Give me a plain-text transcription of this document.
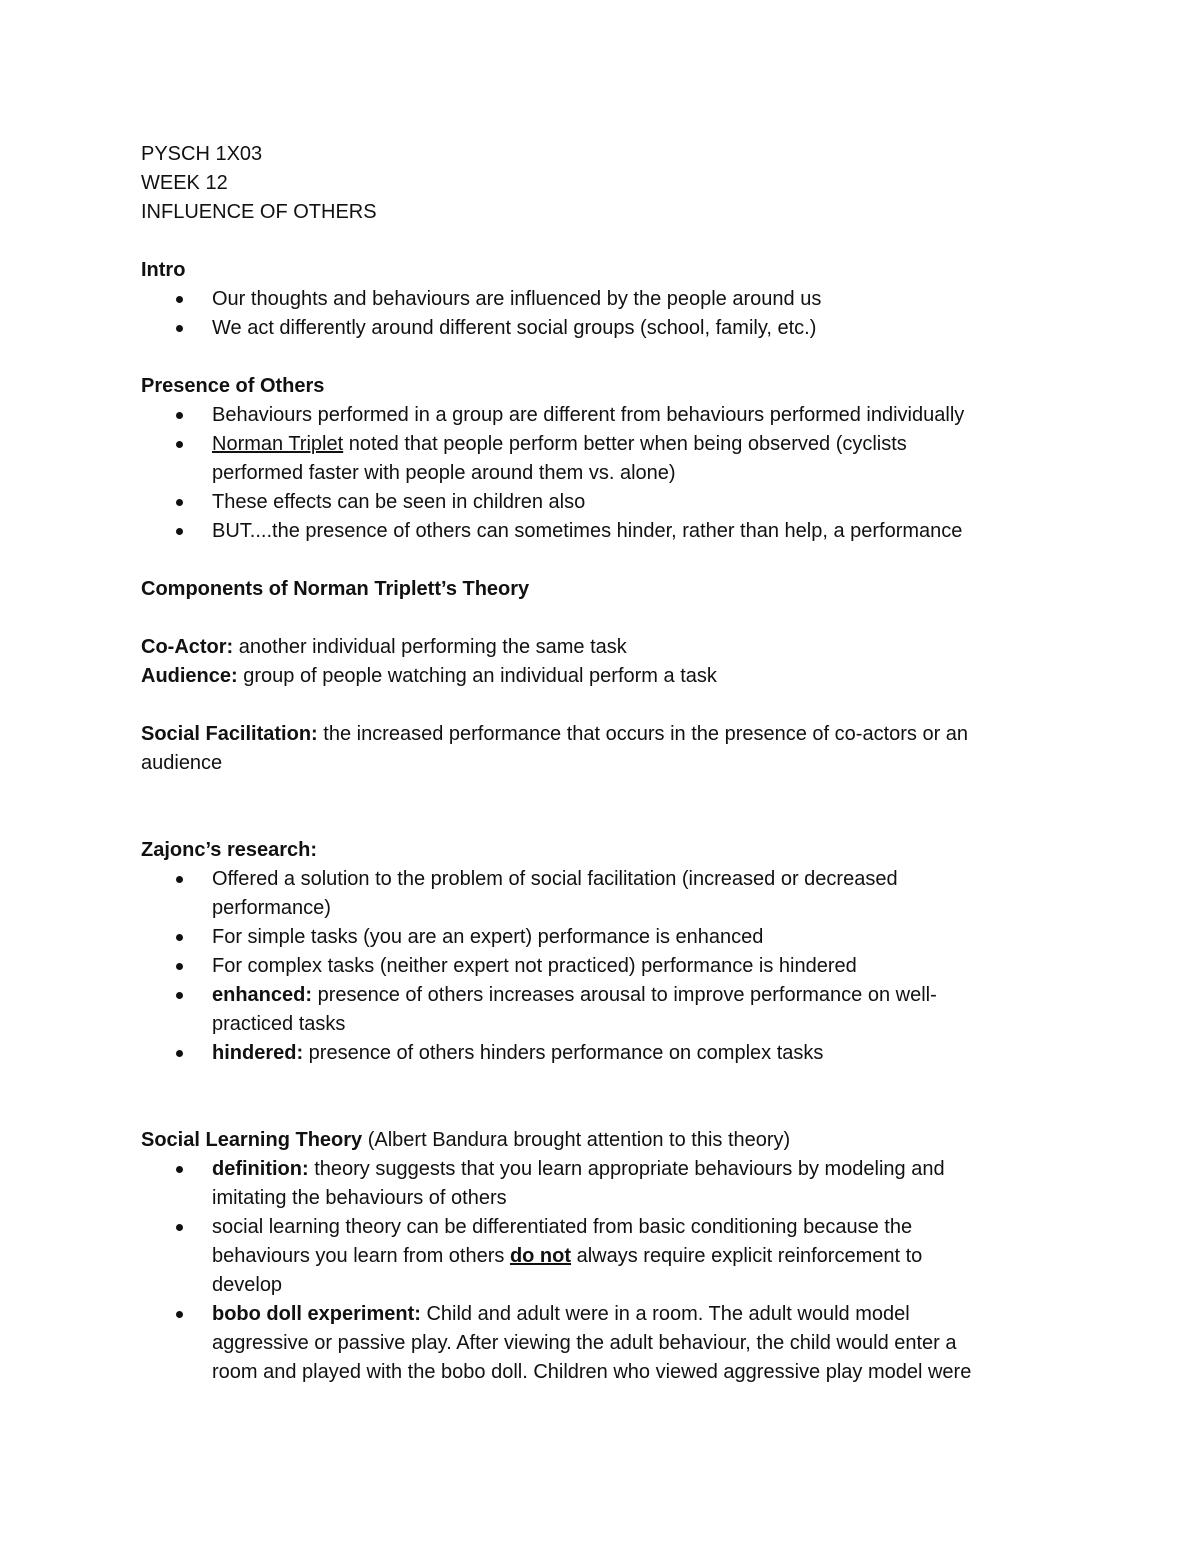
PYSCH 1X03

WEEK 12

INFLUENCE OF OTHERS

Intro

Our thoughts and behaviours are influenced by the people around us
We act differently around different social groups (school, family, etc.)

Presence of Others

Behaviours performed in a group are different from behaviours performed individually
Norman Triplet noted that people perform better when being observed (cyclists
performed faster with people around them vs. alone)
These effects can be seen in children also
BUT....the presence of others can sometimes hinder, rather than help, a performance

Components of Norman Triplett’s Theory

Co-Actor: another individual performing the same task

Audience: group of people watching an individual perform a task

Social Facilitation: the increased performance that occurs in the presence of co-actors or an

audience

Zajonc’s research:

Offered a solution to the problem of social facilitation (increased or decreased
performance)
For simple tasks (you are an expert) performance is enhanced
For complex tasks (neither expert not practiced) performance is hindered
enhanced: presence of others increases arousal to improve performance on well-
practiced tasks
hindered: presence of others hinders performance on complex tasks

Social Learning Theory (Albert Bandura brought attention to this theory)

definition: theory suggests that you learn appropriate behaviours by modeling and
imitating the behaviours of others
social learning theory can be differentiated from basic conditioning because the
behaviours you learn from others do not always require explicit reinforcement to
develop
bobo doll experiment: Child and adult were in a room. The adult would model
aggressive or passive play. After viewing the adult behaviour, the child would enter a
room and played with the bobo doll. Children who viewed aggressive play model were
